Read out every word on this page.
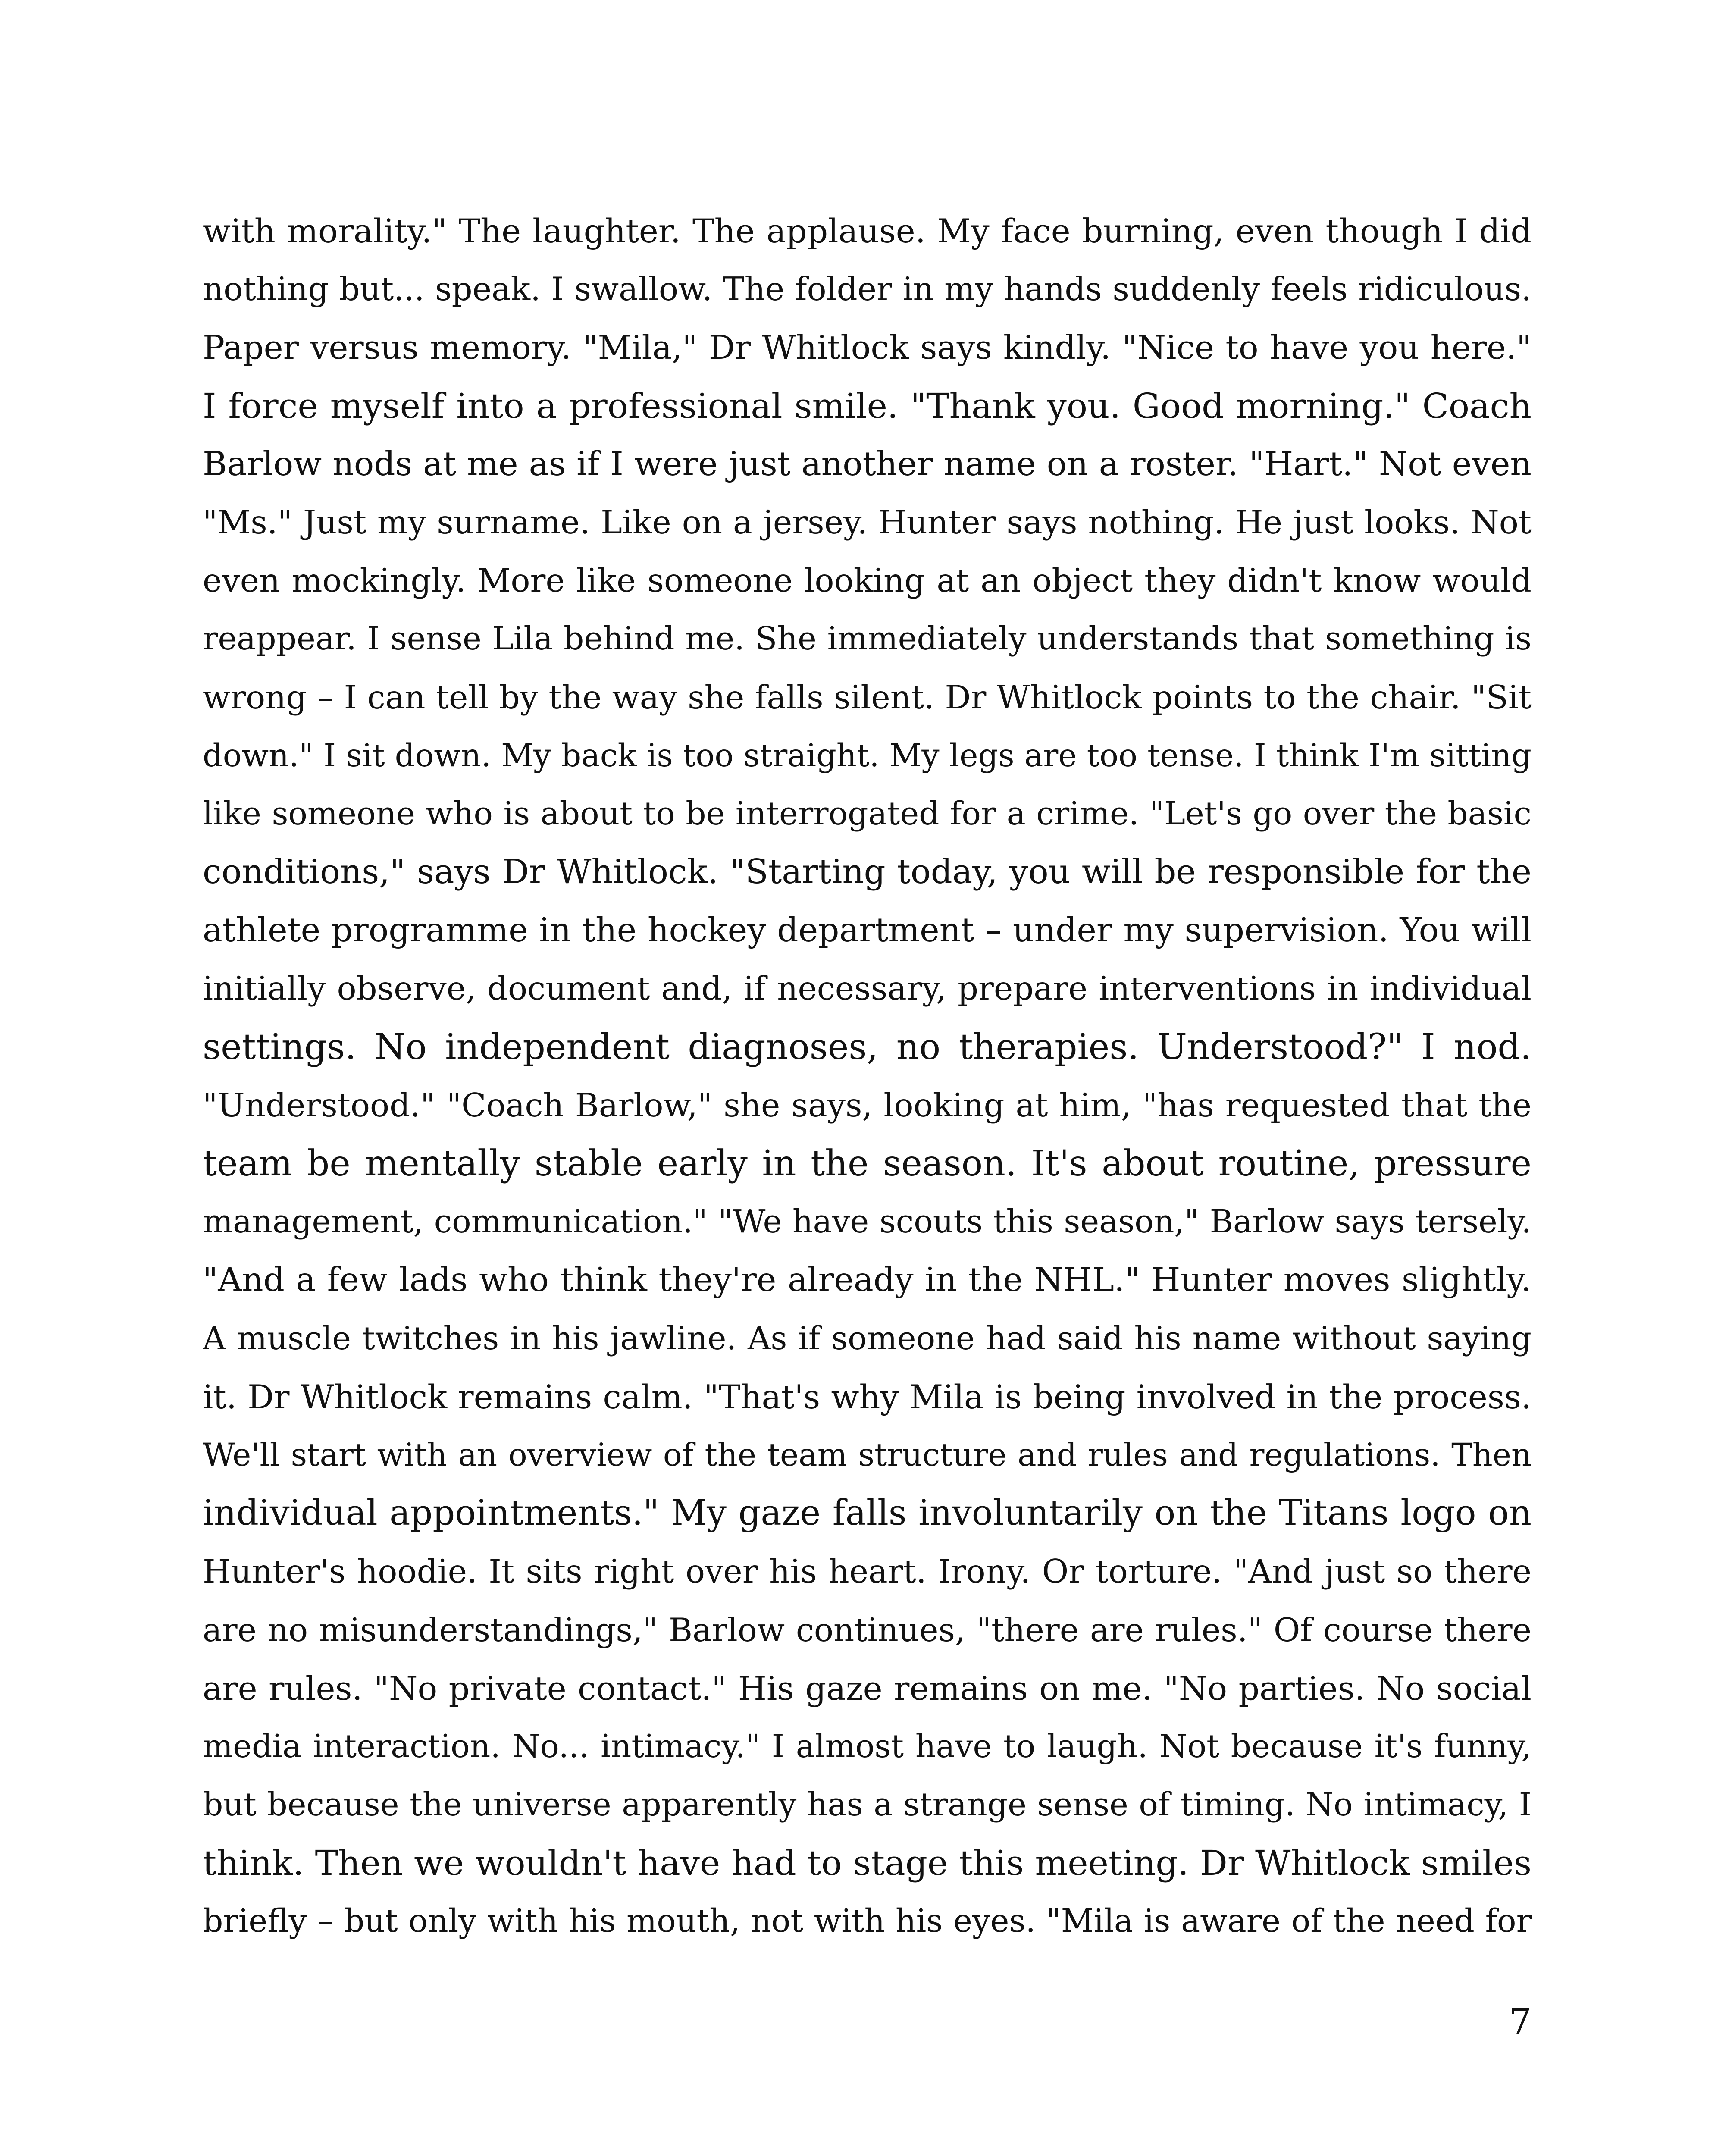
with morality." The laughter. The applause. My face burning, even though I did
nothing but... speak. I swallow. The folder in my hands suddenly feels ridiculous.
Paper versus memory. "Mila," Dr Whitlock says kindly. "Nice to have you here."
I force myself into a professional smile. "Thank you. Good morning." Coach
Barlow nods at me as if I were just another name on a roster. "Hart." Not even
"Ms." Just my surname. Like on a jersey. Hunter says nothing. He just looks. Not
even mockingly. More like someone looking at an object they didn't know would
reappear. I sense Lila behind me. She immediately understands that something is
wrong – I can tell by the way she falls silent. Dr Whitlock points to the chair. "Sit
down." I sit down. My back is too straight. My legs are too tense. I think I'm sitting
like someone who is about to be interrogated for a crime. "Let's go over the basic
conditions," says Dr Whitlock. "Starting today, you will be responsible for the
athlete programme in the hockey department – under my supervision. You will
initially observe, document and, if necessary, prepare interventions in individual
settings. No independent diagnoses, no therapies. Understood?" I nod.
"Understood." "Coach Barlow," she says, looking at him, "has requested that the
team be mentally stable early in the season. It's about routine, pressure
management, communication." "We have scouts this season," Barlow says tersely.
"And a few lads who think they're already in the NHL." Hunter moves slightly.
A muscle twitches in his jawline. As if someone had said his name without saying
it. Dr Whitlock remains calm. "That's why Mila is being involved in the process.
We'll start with an overview of the team structure and rules and regulations. Then
individual appointments." My gaze falls involuntarily on the Titans logo on
Hunter's hoodie. It sits right over his heart. Irony. Or torture. "And just so there
are no misunderstandings," Barlow continues, "there are rules." Of course there
are rules. "No private contact." His gaze remains on me. "No parties. No social
media interaction. No... intimacy." I almost have to laugh. Not because it's funny,
but because the universe apparently has a strange sense of timing. No intimacy, I
think. Then we wouldn't have had to stage this meeting. Dr Whitlock smiles
briefly – but only with his mouth, not with his eyes. "Mila is aware of the need for
7
